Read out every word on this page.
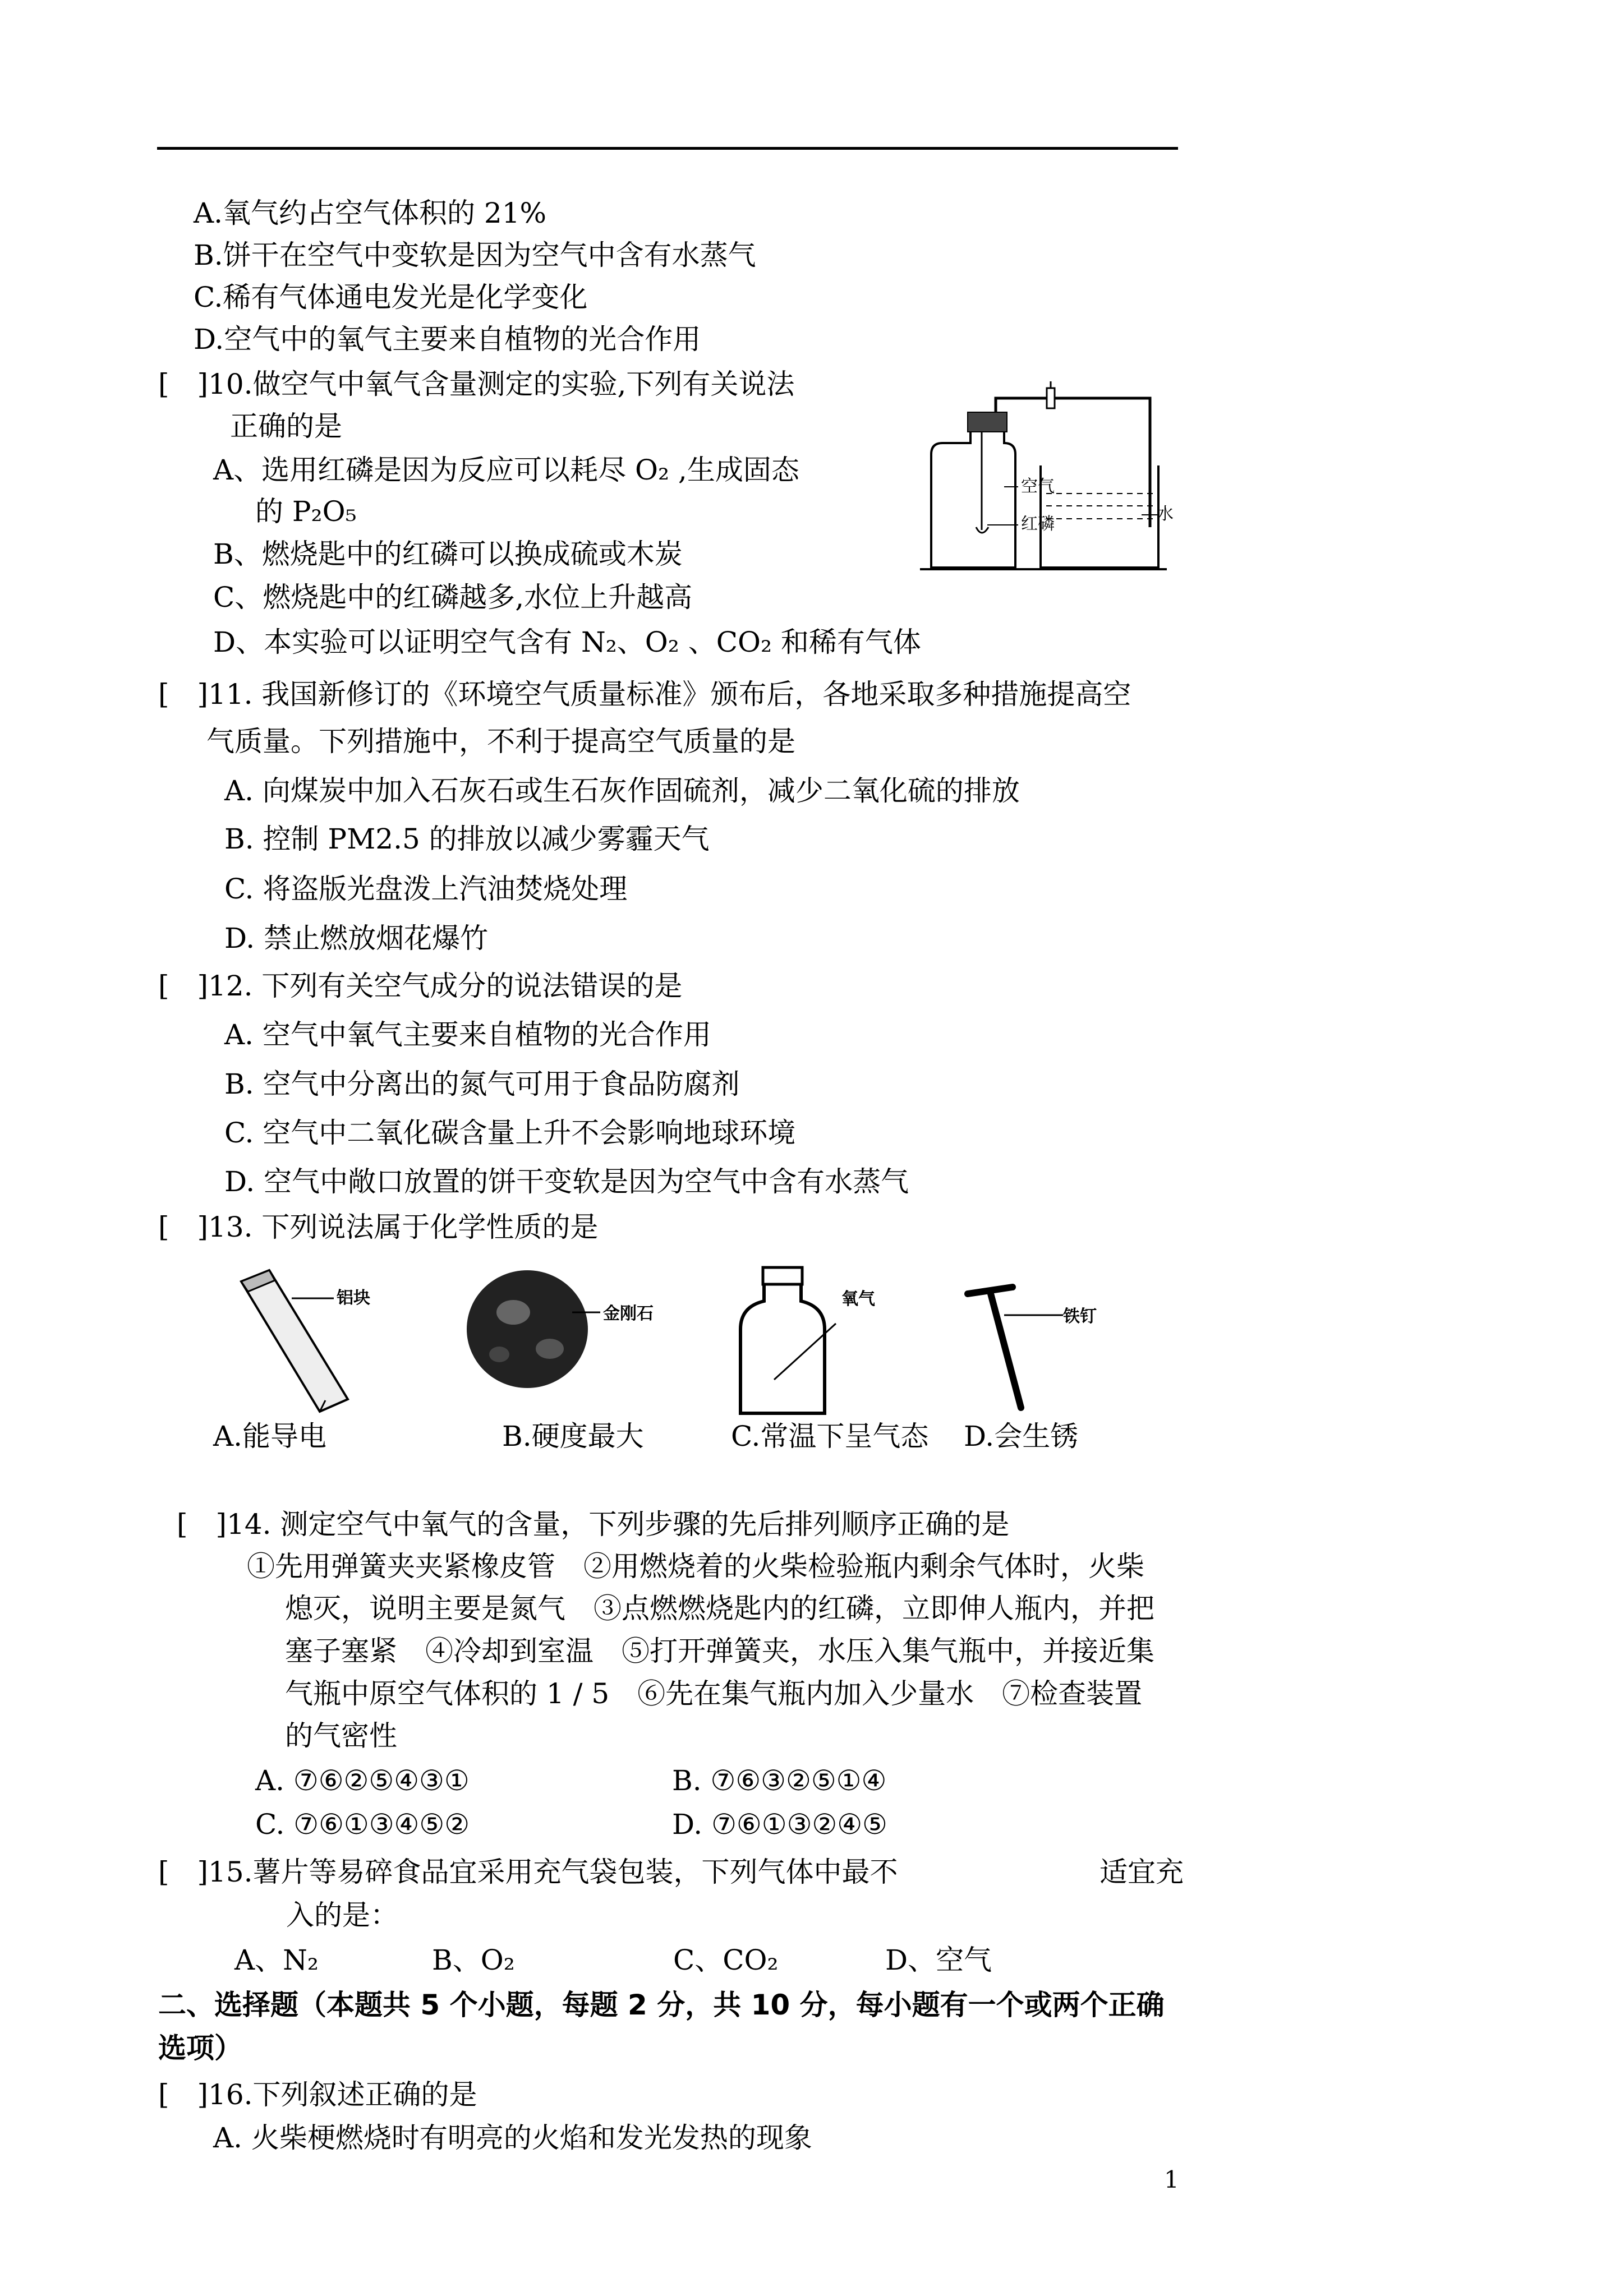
A.氧气约占空气体积的 21%
B.饼干在空气中变软是因为空气中含有水蒸气
C.稀有气体通电发光是化学变化
D.空气中的氧气主要来自植物的光合作用
[　]10.做空气中氧气含量测定的实验,下列有关说法
正确的是
A、选用红磷是因为反应可以耗尽 O₂ ,生成固态
的 P₂O₅
B、燃烧匙中的红磷可以换成硫或木炭
C、燃烧匙中的红磷越多,水位上升越高
D、本实验可以证明空气含有 N₂、O₂ 、CO₂ 和稀有气体
空气
红磷
水
[　]11. 我国新修订的《环境空气质量标准》颁布后，各地采取多种措施提高空
气质量。下列措施中，不利于提高空气质量的是
A. 向煤炭中加入石灰石或生石灰作固硫剂，减少二氧化硫的排放
B. 控制 PM2.5 的排放以减少雾霾天气
C. 将盗版光盘泼上汽油焚烧处理
D. 禁止燃放烟花爆竹
[　]12. 下列有关空气成分的说法错误的是
A. 空气中氧气主要来自植物的光合作用
B. 空气中分离出的氮气可用于食品防腐剂
C. 空气中二氧化碳含量上升不会影响地球环境
D. 空气中敞口放置的饼干变软是因为空气中含有水蒸气
[　]13. 下列说法属于化学性质的是
铝块
金刚石
氧气
铁钉
A.能导电	B.硬度最大	C.常温下呈气态 D.会生锈
[　]14. 测定空气中氧气的含量，下列步骤的先后排列顺序正确的是
①先用弹簧夹夹紧橡皮管　②用燃烧着的火柴检验瓶内剩余气体时，火柴
熄灭，说明主要是氮气　③点燃燃烧匙内的红磷，立即伸人瓶内，并把
塞子塞紧　④冷却到室温　⑤打开弹簧夹，水压入集气瓶中，并接近集
气瓶中原空气体积的 1 / 5　⑥先在集气瓶内加入少量水　⑦检查装置
的气密性
A. ⑦⑥②⑤④③①	B. ⑦⑥③②⑤①④
C. ⑦⑥①③④⑤②	D. ⑦⑥①③②④⑤
[　]15.薯片等易碎食品宜采用充气袋包装，下列气体中最不	适宜充
入的是：
A、N₂	B、O₂	C、CO₂	D、空气
二、选择题（本题共 5 个小题，每题 2 分，共 10 分，每小题有一个或两个正确
选项）
[　]16.下列叙述正确的是
A. 火柴梗燃烧时有明亮的火焰和发光发热的现象
1
